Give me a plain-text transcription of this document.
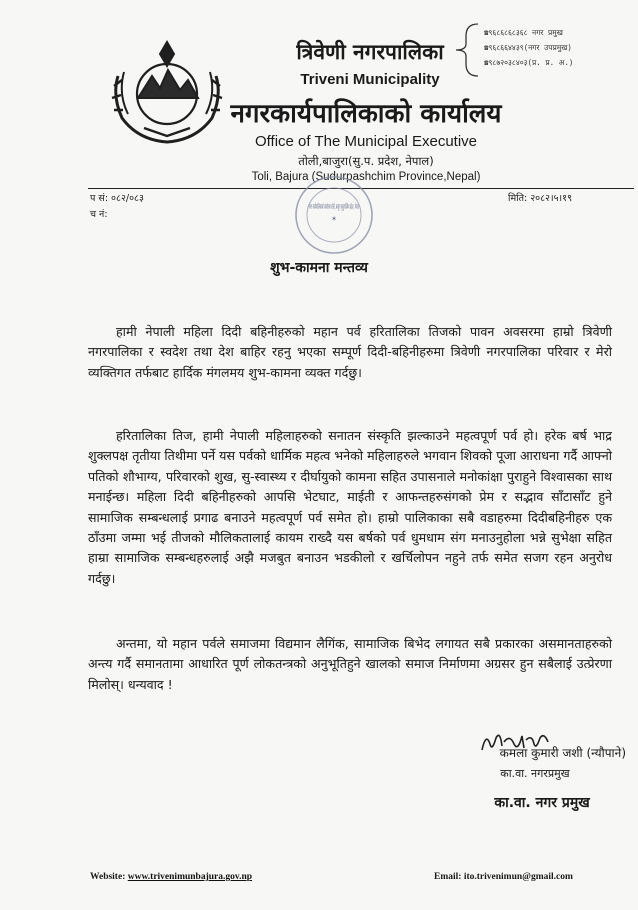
त्रिवेणी नगरपालिका
Triveni Municipality
नगरकार्यपालिकाको कार्यालय
Office of The Municipal Executive
तोली,बाजुरा(सु.प. प्रदेश, नेपाल)
Toli, Bajura (Sudurpashchim Province,Nepal)
☎९६८६८६८३६८ नगर प्रमुख
☎९६८६६४४३९(नगर उपप्रमुख)
☎९८७२०३८४०३(प्र. प्र. अ.)
प सं: ०८२/०८३
च नं:
मिति: २०८२।५।१९
नगर कार्यपालिकाको कार्यालय तोली, बाजुरा सुदूरपश्चिम प्रदेश, नेपाल
✶
शुभ-कामना मन्तव्य
हामी नेपाली महिला दिदी बहिनीहरुको महान पर्व हरितालिका तिजको पावन अवसरमा हाम्रो त्रिवेणी नगरपालिका र स्वदेश तथा देश बाहिर रहनु भएका सम्पूर्ण दिदी-बहिनीहरुमा त्रिवेणी नगरपालिका परिवार र मेरो व्यक्तिगत तर्फबाट हार्दिक मंगलमय शुभ-कामना व्यक्त गर्दछु।
हरितालिका तिज, हामी नेपाली महिलाहरुको सनातन संस्कृति झल्काउने महत्वपूर्ण पर्व हो। हरेक बर्ष भाद्र शुक्लपक्ष तृतीया तिथीमा पर्ने यस पर्वको धार्मिक महत्व भनेको महिलाहरुले भगवान शिवको पूजा आराधना गर्दै आफ्नो पतिको शौभाग्य, परिवारको शुख, सु-स्वास्थ्य र दीर्घायुको कामना सहित उपासनाले मनोकांक्षा पुराहुने विश्वासका साथ मनाईन्छ। महिला दिदी बहिनीहरुको आपसि भेटघाट, माईती र आफन्तहरुसंगको प्रेम र सद्भाव साँटासाँट हुने सामाजिक सम्बन्धलाई प्रगाढ बनाउने महत्वपूर्ण पर्व समेत हो। हाम्रो पालिकाका सबै वडाहरुमा दिदीबहिनीहरु एक ठाँउमा जम्मा भई तीजको मौलिकतालाई कायम राख्दै यस बर्षको पर्व धुमधाम संग मनाउनुहोला भन्ने सुभेक्षा सहित हाम्रा सामाजिक सम्बन्धहरुलाई अझै मजबुत बनाउन भडकीलो र खर्चिलोपन नहुने तर्फ समेत सजग रहन अनुरोध गर्दछु।
अन्तमा, यो महान पर्वले समाजमा विद्यमान लैगिंक, सामाजिक बिभेद लगायत सबै प्रकारका असमानताहरुको अन्त्य गर्दै समानतामा आधारित पूर्ण लोकतन्त्रको अनुभूतिहुने खालको समाज निर्माणमा अग्रसर हुन सबैलाई उत्प्रेरणा मिलोस्। धन्यवाद !
कमला कुमारी जशी (न्यौपाने)
का.वा. नगरप्रमुख
का.वा. नगर प्रमुख
Website: www.trivenimunbajura.gov.np	Email: ito.trivenimun@gmail.com
